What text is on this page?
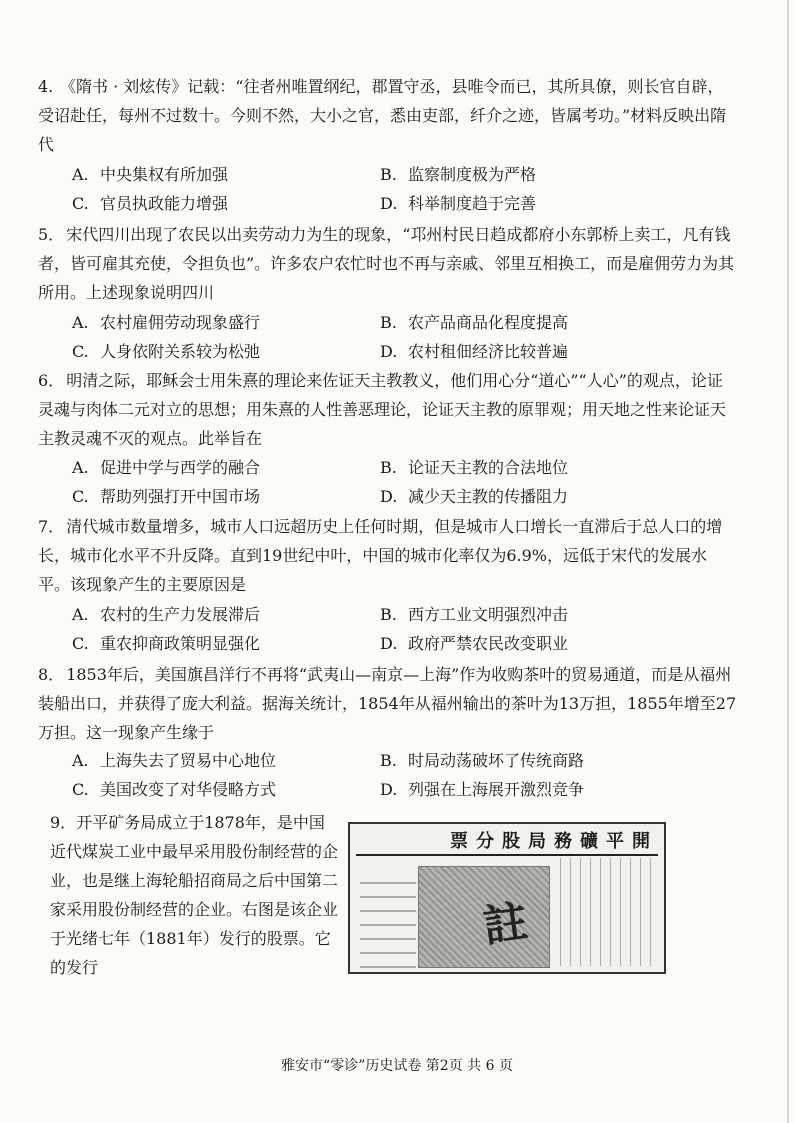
4. 《隋书 · 刘炫传》记载：“往者州唯置纲纪，郡置守丞，县唯令而已，其所具僚，则长官自辟，受诏赴任，每州不过数十。今则不然，大小之官，悉由吏部，纤介之迹，皆属考功。”材料反映出隋代
A. 中央集权有所加强	B. 监察制度极为严格
C. 官员执政能力增强	D. 科举制度趋于完善
5． 宋代四川出现了农民以出卖劳动力为生的现象，“邛州村民日趋成都府小东郭桥上卖工，凡有钱者，皆可雇其充使，令担负也”。许多农户农忙时也不再与亲戚、邻里互相换工，而是雇佣劳力为其所用。上述现象说明四川
A. 农村雇佣劳动现象盛行	B. 农产品商品化程度提高
C. 人身依附关系较为松弛	D. 农村租佃经济比较普遍
6． 明清之际，耶稣会士用朱熹的理论来佐证天主教教义，他们用心分“道心”“人心”的观点，论证灵魂与肉体二元对立的思想；用朱熹的人性善恶理论，论证天主教的原罪观；用天地之性来论证天主教灵魂不灭的观点。此举旨在
A. 促进中学与西学的融合	B. 论证天主教的合法地位
C. 帮助列强打开中国市场	D. 减少天主教的传播阻力
7． 清代城市数量增多，城市人口远超历史上任何时期，但是城市人口增长一直滞后于总人口的增长，城市化水平不升反降。直到19世纪中叶，中国的城市化率仅为6.9%，远低于宋代的发展水平。该现象产生的主要原因是
A. 农村的生产力发展滞后	B. 西方工业文明强烈冲击
C. 重农抑商政策明显强化	D. 政府严禁农民改变职业
8． 1853年后，美国旗昌洋行不再将“武夷山—南京—上海”作为收购茶叶的贸易通道，而是从福州装船出口，并获得了庞大利益。据海关统计，1854年从福州输出的茶叶为13万担，1855年增至27万担。这一现象产生缘于
A. 上海失去了贸易中心地位	B. 时局动荡破坏了传统商路
C. 美国改变了对华侵略方式	D. 列强在上海展开激烈竞争
9．开平矿务局成立于1878年，是中国近代煤炭工业中最早采用股份制经营的企业，也是继上海轮船招商局之后中国第二家采用股份制经营的企业。右图是该企业于光绪七年（1881年）发行的股票。它的发行
票分股局務礦平開
註
雅安市“零诊”历史试卷 第2页 共 6 页
